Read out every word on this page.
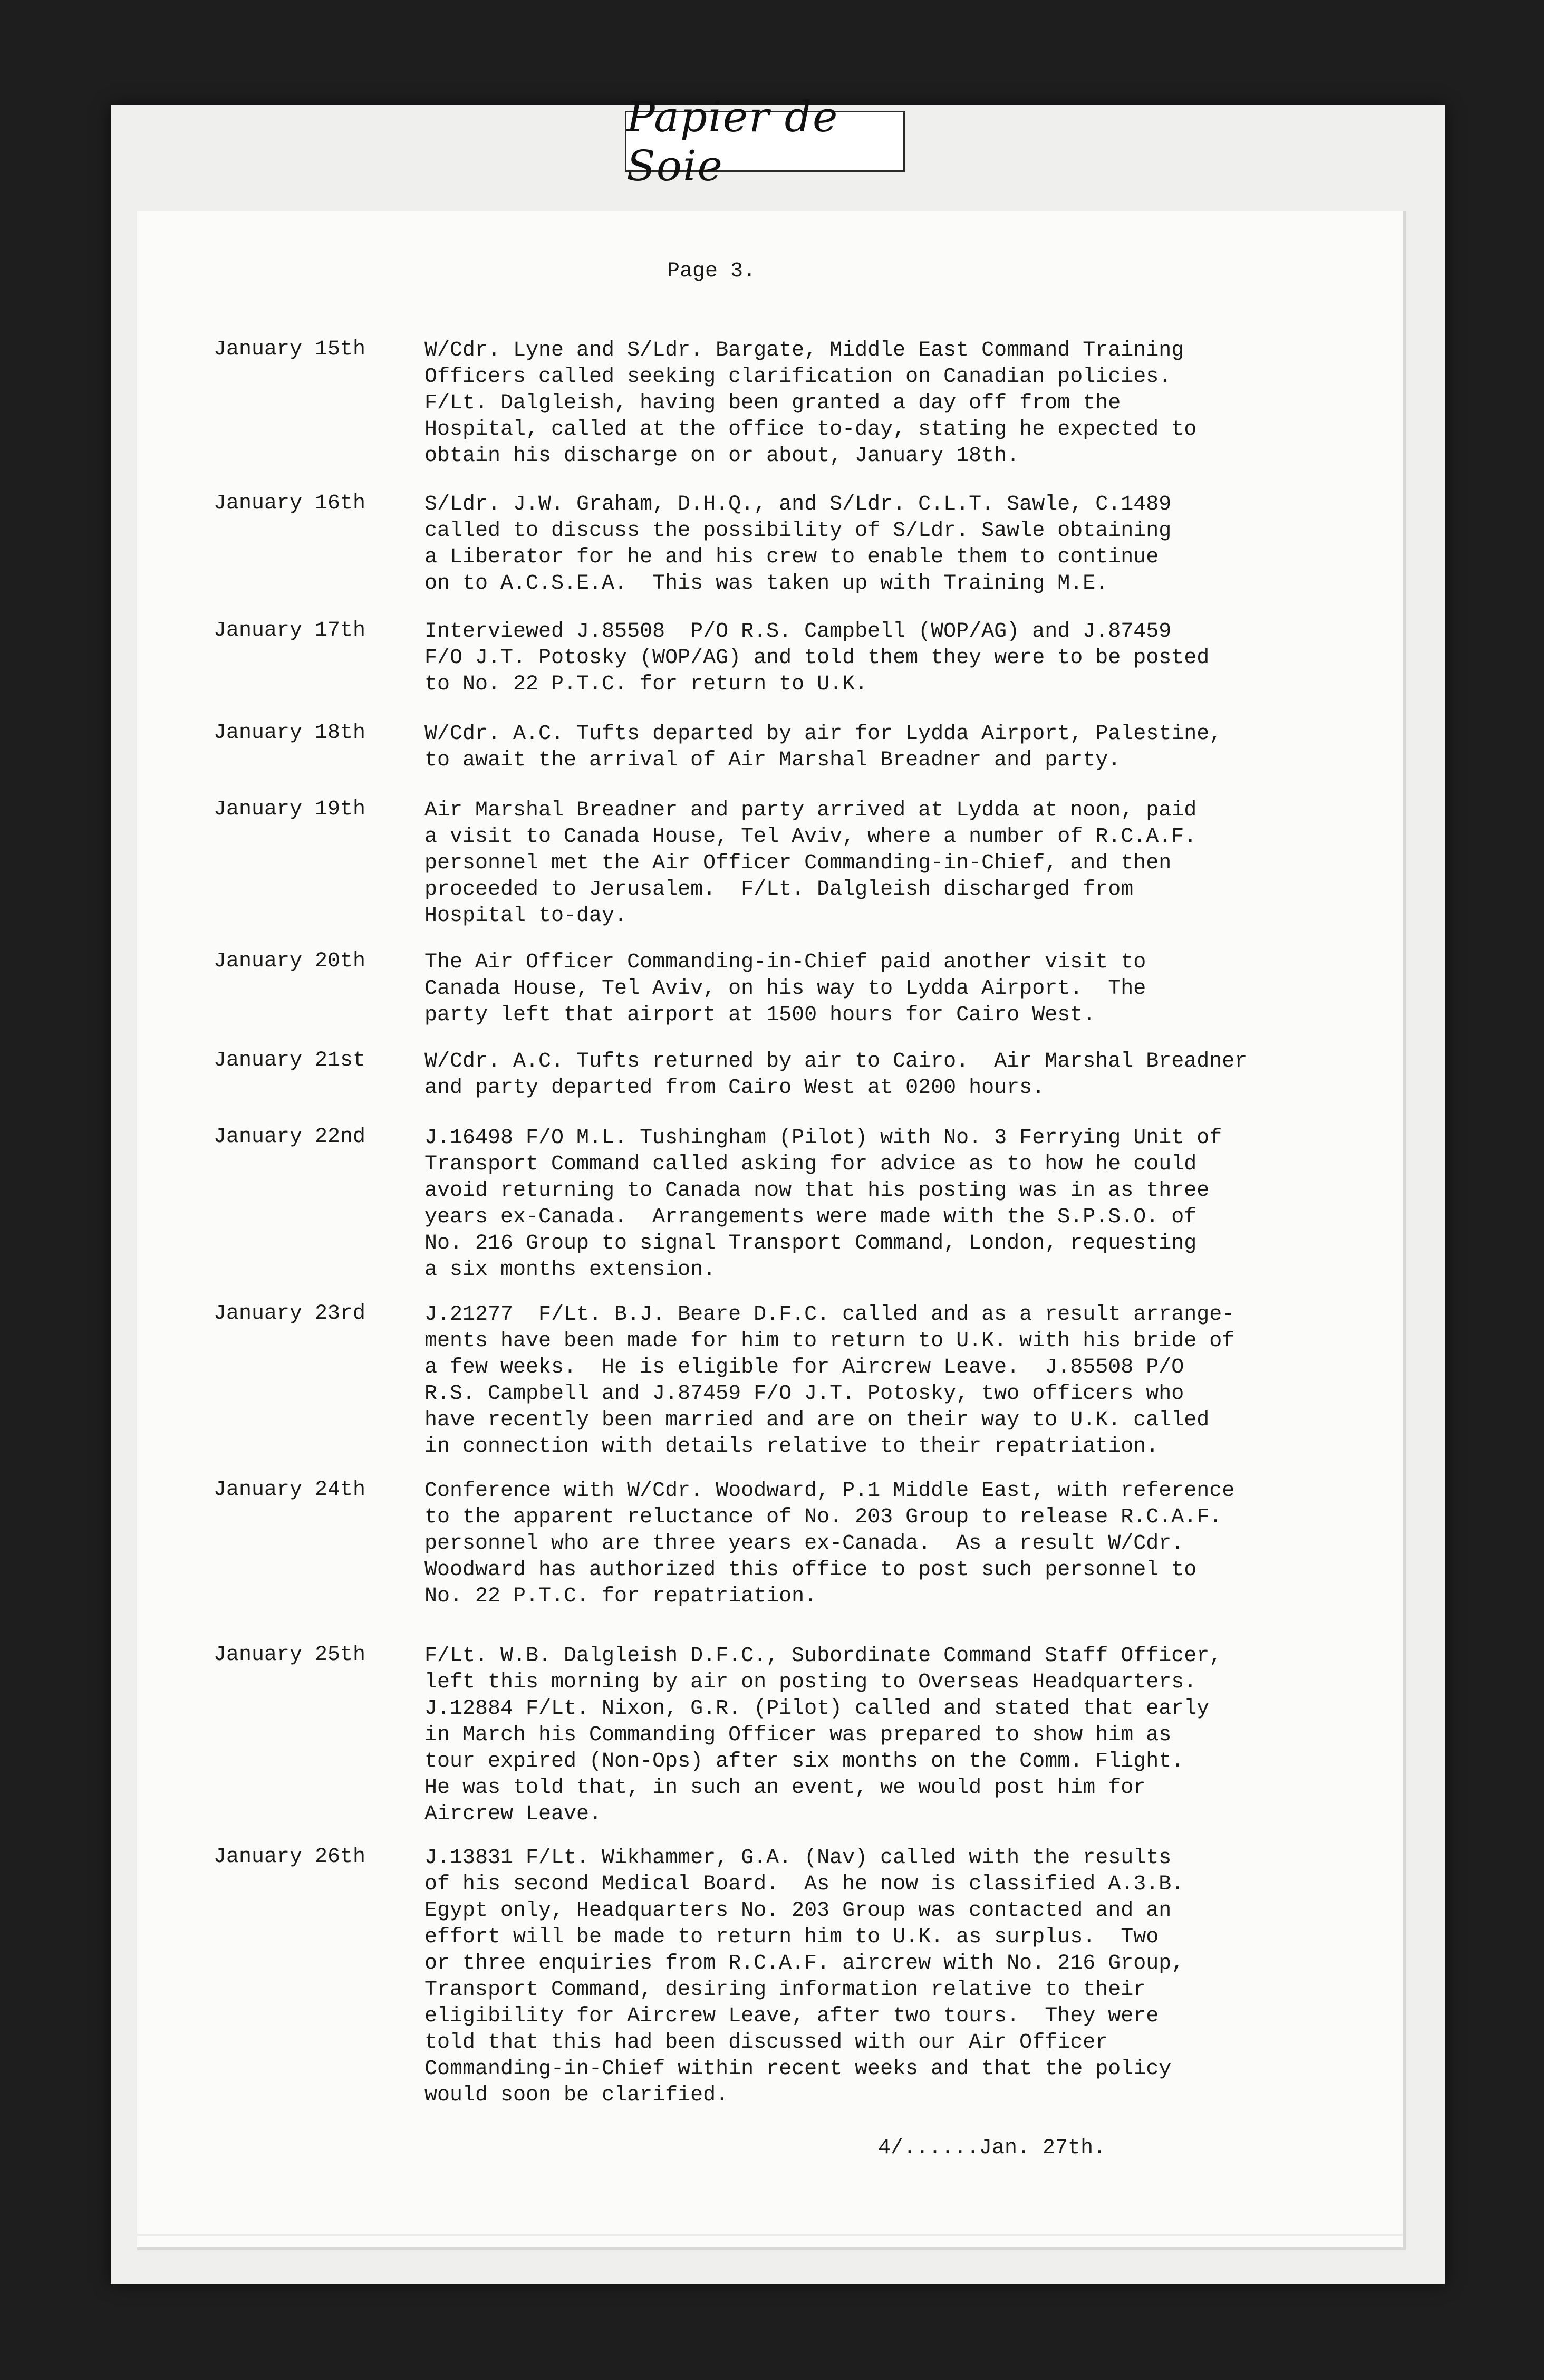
Papier de Soie
Page 3.
January 15th	W/Cdr. Lyne and S/Ldr. Bargate, Middle East Command Training
Officers called seeking clarification on Canadian policies.
F/Lt. Dalgleish, having been granted a day off from the
Hospital, called at the office to-day, stating he expected to
obtain his discharge on or about, January 18th.
January 16th	S/Ldr. J.W. Graham, D.H.Q., and S/Ldr. C.L.T. Sawle, C.1489
called to discuss the possibility of S/Ldr. Sawle obtaining
a Liberator for he and his crew to enable them to continue
on to A.C.S.E.A.  This was taken up with Training M.E.
January 17th	Interviewed J.85508  P/O R.S. Campbell (WOP/AG) and J.87459
F/O J.T. Potosky (WOP/AG) and told them they were to be posted
to No. 22 P.T.C. for return to U.K.
January 18th	W/Cdr. A.C. Tufts departed by air for Lydda Airport, Palestine,
to await the arrival of Air Marshal Breadner and party.
January 19th	Air Marshal Breadner and party arrived at Lydda at noon, paid
a visit to Canada House, Tel Aviv, where a number of R.C.A.F.
personnel met the Air Officer Commanding-in-Chief, and then
proceeded to Jerusalem.  F/Lt. Dalgleish discharged from
Hospital to-day.
January 20th	The Air Officer Commanding-in-Chief paid another visit to
Canada House, Tel Aviv, on his way to Lydda Airport.  The
party left that airport at 1500 hours for Cairo West.
January 21st	W/Cdr. A.C. Tufts returned by air to Cairo.  Air Marshal Breadner
and party departed from Cairo West at 0200 hours.
January 22nd	J.16498 F/O M.L. Tushingham (Pilot) with No. 3 Ferrying Unit of
Transport Command called asking for advice as to how he could
avoid returning to Canada now that his posting was in as three
years ex-Canada.  Arrangements were made with the S.P.S.O. of
No. 216 Group to signal Transport Command, London, requesting
a six months extension.
January 23rd	J.21277  F/Lt. B.J. Beare D.F.C. called and as a result arrange-
ments have been made for him to return to U.K. with his bride of
a few weeks.  He is eligible for Aircrew Leave.  J.85508 P/O
R.S. Campbell and J.87459 F/O J.T. Potosky, two officers who
have recently been married and are on their way to U.K. called
in connection with details relative to their repatriation.
January 24th	Conference with W/Cdr. Woodward, P.1 Middle East, with reference
to the apparent reluctance of No. 203 Group to release R.C.A.F.
personnel who are three years ex-Canada.  As a result W/Cdr.
Woodward has authorized this office to post such personnel to
No. 22 P.T.C. for repatriation.
January 25th	F/Lt. W.B. Dalgleish D.F.C., Subordinate Command Staff Officer,
left this morning by air on posting to Overseas Headquarters.
J.12884 F/Lt. Nixon, G.R. (Pilot) called and stated that early
in March his Commanding Officer was prepared to show him as
tour expired (Non-Ops) after six months on the Comm. Flight.
He was told that, in such an event, we would post him for
Aircrew Leave.
January 26th	J.13831 F/Lt. Wikhammer, G.A. (Nav) called with the results
of his second Medical Board.  As he now is classified A.3.B.
Egypt only, Headquarters No. 203 Group was contacted and an
effort will be made to return him to U.K. as surplus.  Two
or three enquiries from R.C.A.F. aircrew with No. 216 Group,
Transport Command, desiring information relative to their
eligibility for Aircrew Leave, after two tours.  They were
told that this had been discussed with our Air Officer
Commanding-in-Chief within recent weeks and that the policy
would soon be clarified.
4/......Jan. 27th.
